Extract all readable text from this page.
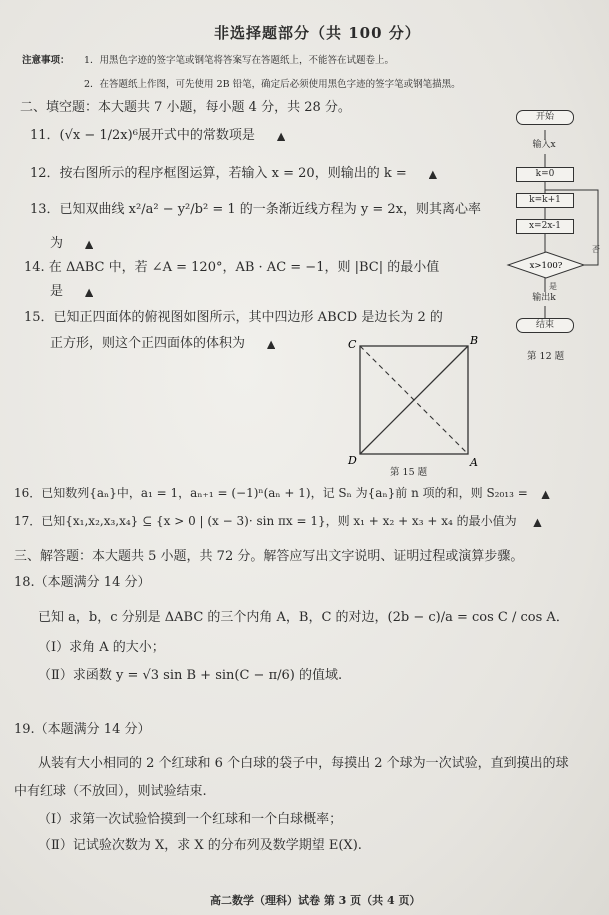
非选择题部分（共 100 分）
注意事项： 1．用黑色字迹的签字笔或钢笔将答案写在答题纸上，不能答在试题卷上。
2．在答题纸上作图，可先使用 2B 铅笔，确定后必须使用黑色字迹的签字笔或钢笔描黑。
二、填空题：本大题共 7 小题，每小题 4 分，共 28 分。
11．(√x − 1/2x)⁶展开式中的常数项是 ▲
12．按右图所示的程序框图运算，若输入 x = 20，则输出的 k = ▲
13．已知双曲线 x²/a² − y²/b² = 1 的一条渐近线方程为 y = 2x，则其离心率
为 ▲
14. 在 ΔABC 中，若 ∠A = 120°，AB · AC = −1，则 |BC| 的最小值
是 ▲
15．已知正四面体的俯视图如图所示，其中四边形 ABCD 是边长为 2 的
正方形，则这个正四面体的体积为 ▲	C	B
D	A
第 15 题
开始
输入x
k=0
k=k+1
x=2x-1
x>100?
否
是
输出k
结束
第 12 题
16．已知数列{aₙ}中，a₁ = 1，aₙ₊₁ = (−1)ⁿ(aₙ + 1)，记 Sₙ 为{aₙ}前 n 项的和，则 S₂₀₁₃ = ▲
17．已知{x₁,x₂,x₃,x₄} ⊆ {x > 0 | (x − 3)· sin πx = 1}，则 x₁ + x₂ + x₃ + x₄ 的最小值为 ▲
三、解答题：本大题共 5 小题，共 72 分。解答应写出文字说明、证明过程或演算步骤。
18.（本题满分 14 分）
已知 a，b，c 分别是 ΔABC 的三个内角 A，B，C 的对边，(2b − c)/a = cos C / cos A．
（Ⅰ）求角 A 的大小；
（Ⅱ）求函数 y = √3 sin B + sin(C − π/6) 的值域.
19.（本题满分 14 分）
从装有大小相同的 2 个红球和 6 个白球的袋子中，每摸出 2 个球为一次试验，直到摸出的球
中有红球（不放回），则试验结束.
（Ⅰ）求第一次试验恰摸到一个红球和一个白球概率；
（Ⅱ）记试验次数为 X，求 X 的分布列及数学期望 E(X).
高二数学（理科）试卷 第 3 页（共 4 页）
